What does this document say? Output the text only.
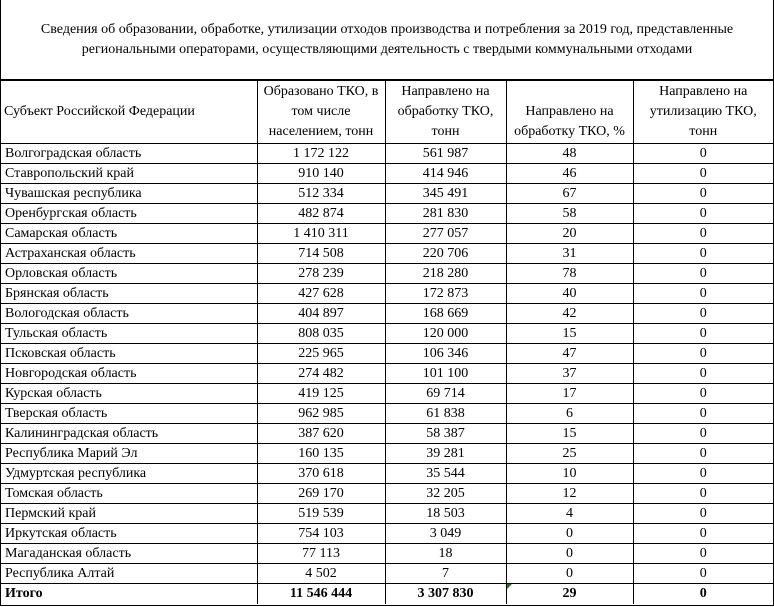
Сведения об образовании, обработке, утилизации отходов производства и потребления за 2019 год, представленные региональными операторами, осуществляющими деятельность с твердыми коммунальными отходами
Субъект Российской Федерации	Образовано ТКО, в том числе населением, тонн	Направлено на обработку ТКО, тонн	Направлено на обработку ТКО, %	Направлено на утилизацию ТКО, тонн
Волгоградская область	1 172 122	561 987	48	0
Ставропольский край	910 140	414 946	46	0
Чувашская республика	512 334	345 491	67	0
Оренбургская область	482 874	281 830	58	0
Самарская область	1 410 311	277 057	20	0
Астраханская область	714 508	220 706	31	0
Орловская область	278 239	218 280	78	0
Брянская область	427 628	172 873	40	0
Вологодская область	404 897	168 669	42	0
Тульская область	808 035	120 000	15	0
Псковская область	225 965	106 346	47	0
Новгородская область	274 482	101 100	37	0
Курская область	419 125	69 714	17	0
Тверская область	962 985	61 838	6	0
Калининградская область	387 620	58 387	15	0
Республика Марий Эл	160 135	39 281	25	0
Удмуртская республика	370 618	35 544	10	0
Томская область	269 170	32 205	12	0
Пермский край	519 539	18 503	4	0
Иркутская область	754 103	3 049	0	0
Магаданская область	77 113	18	0	0
Республика Алтай	4 502	7	0	0
Итого	11 546 444	3 307 830	29	0
